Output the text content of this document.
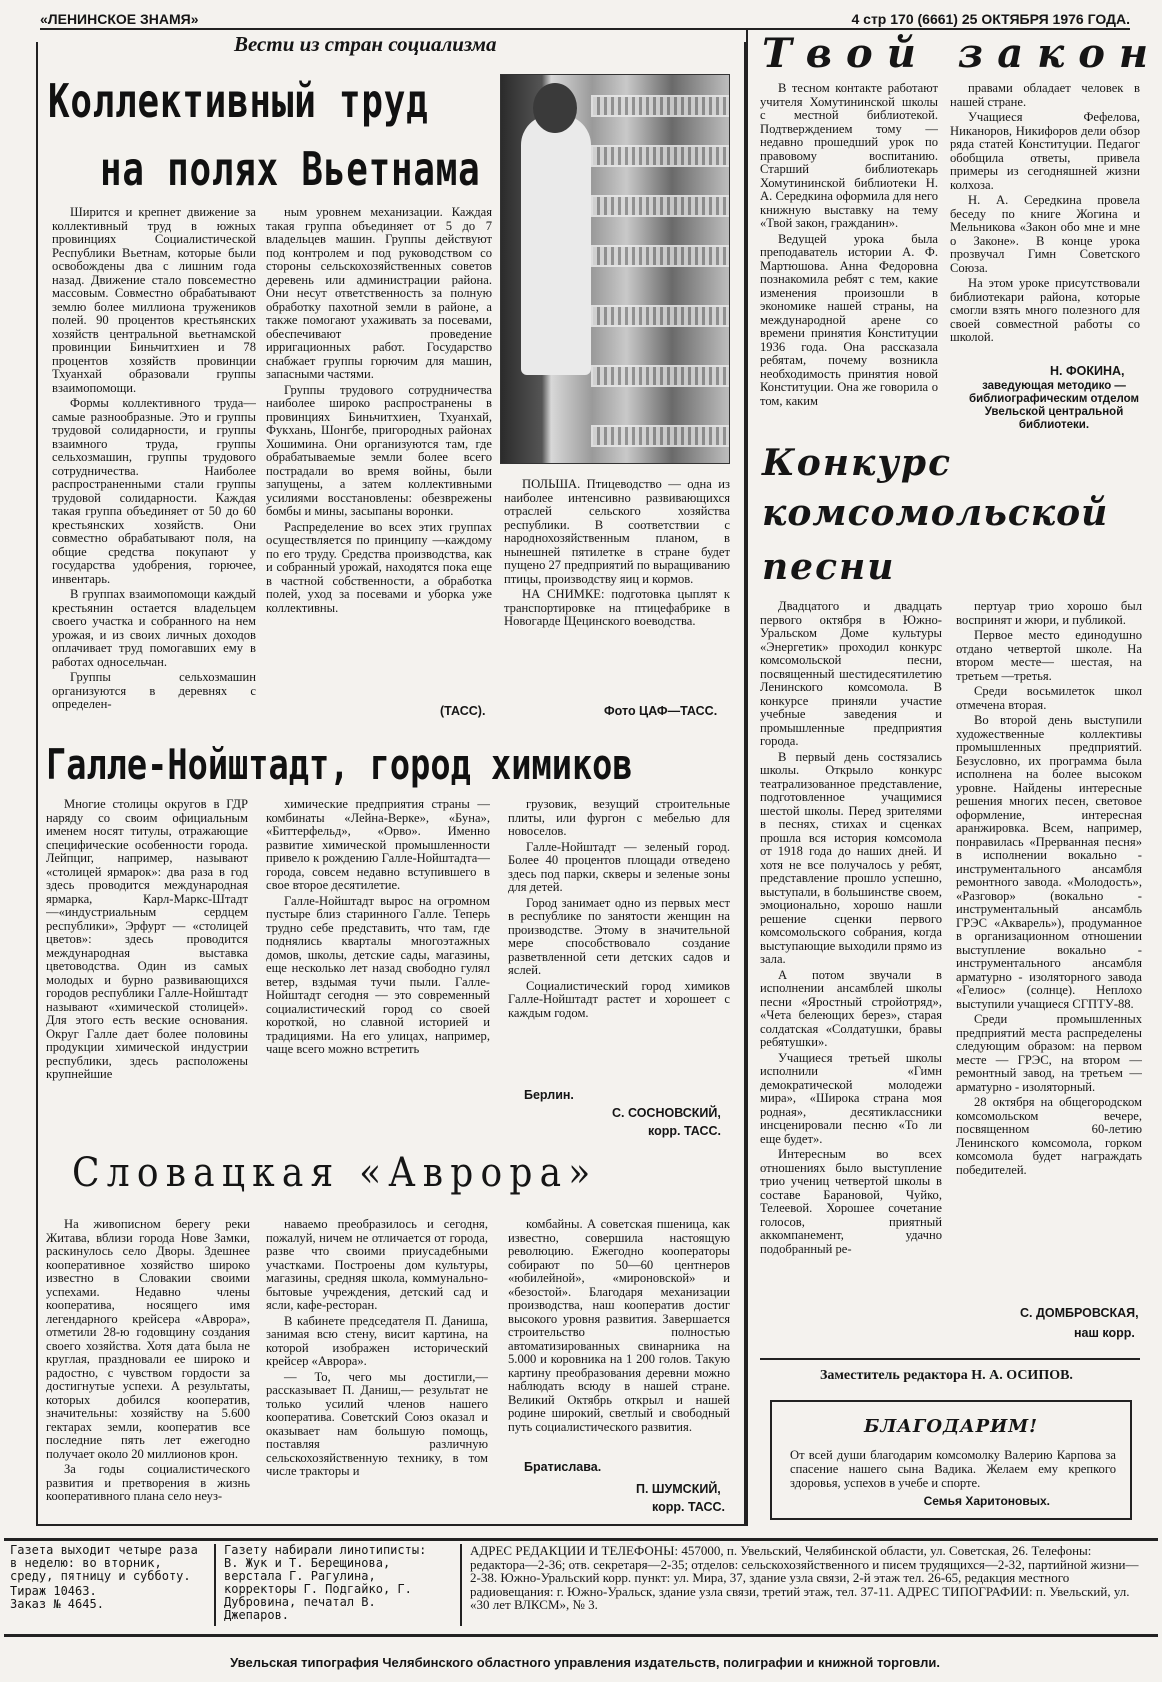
«ЛЕНИНСКОЕ ЗНАМЯ»	4 стр 170 (6661) 25 ОКТЯБРЯ 1976 ГОДА.
Вести из стран социализма
Коллективный труд
на полях Вьетнама

Ширится и крепнет движение за коллективный труд в южных провинциях Социалистической Республики Вьетнам, которые были освобождены два с лишним года назад. Движение стало повсеместно массовым. Совместно обрабатывают землю более миллиона тружеников полей. 90 процентов крестьянских хозяйств центральной вьетнамской провинции Биньчитхиен и 78 процентов хозяйств провинции Тхуанхай образовали группы взаимопомощи.

Формы коллективного труда— самые разнообразные. Это и группы трудовой солидарности, и группы взаимного труда, группы сельхозмашин, группы трудового сотрудничества. Наиболее распространенными стали группы трудовой солидарности. Каждая такая группа объединяет от 50 до 60 крестьянских хозяйств. Они совместно обрабатывают поля, на общие средства покупают у государства удобрения, горючее, инвентарь.

В группах взаимопомощи каждый крестьянин остается владельцем своего участка и собранного на нем урожая, и из своих личных доходов оплачивает труд помогавших ему в работах односельчан.

Группы сельхозмашин организуются в деревнях с определен-

ным уровнем механизации. Каждая такая группа объединяет от 5 до 7 владельцев машин. Группы действуют под контролем и под руководством со стороны сельскохозяйственных советов деревень или администрации района. Они несут ответственность за полную обработку пахотной земли в районе, а также помогают ухаживать за посевами, обеспечивают проведение ирригационных работ. Государство снабжает группы горючим для машин, запасными частями.

Группы трудового сотрудничества наиболее широко распространены в провинциях Биньчитхиен, Тхуанхай, Фукхань, Шонгбе, пригородных районах Хошимина. Они организуются там, где обрабатываемые земли более всего пострадали во время войны, были запущены, а затем коллективными усилиями восстановлены: обезврежены бомбы и мины, засыпаны воронки.

Распределение во всех этих группах осуществляется по принципу —каждому по его труду. Средства производства, как и собранный урожай, находятся пока еще в частной собственности, а обработка полей, уход за посевами и уборка уже коллективны.

(ТАСС).

ПОЛЬША. Птицеводство — одна из наиболее интенсивно развивающихся отраслей сельского хозяйства республики. В соответствии с народнохозяйственным планом, в нынешней пятилетке в стране будет пущено 27 предприятий по выращиванию птицы, производству яиц и кормов.

НА СНИМКЕ: подготовка цыплят к транспортировке на птицефабрике в Новогарде Щецинского воеводства.

Фото ЦАФ—ТАСС.
Галле-Нойштадт, город химиков

Многие столицы округов в ГДР наряду со своим официальным именем носят титулы, отражающие специфические особенности города. Лейпциг, например, называют «столицей ярмарок»: два раза в год здесь проводится международная ярмарка, Карл-Маркс-Штадт —«индустриальным сердцем республики», Эрфурт — «столицей цветов»: здесь проводится международная выставка цветоводства. Один из самых молодых и бурно развивающихся городов республики Галле-Нойштадт называют «химической столицей». Для этого есть веские основания. Округ Галле дает более половины продукции химической индустрии республики, здесь расположены крупнейшие

химические предприятия страны —комбинаты «Лейна-Верке», «Буна», «Биттерфельд», «Орво». Именно развитие химической промышленности привело к рождению Галле-Нойштадта— города, совсем недавно вступившего в свое второе десятилетие.

Галле-Нойштадт вырос на огромном пустыре близ старинного Галле. Теперь трудно себе представить, что там, где поднялись кварталы многоэтажных домов, школы, детские сады, магазины, еще несколько лет назад свободно гулял ветер, вздымая тучи пыли. Галле-Нойштадт сегодня — это современный социалистический город со своей короткой, но славной историей и традициями. На его улицах, например, чаще всего можно встретить

грузовик, везущий строительные плиты, или фургон с мебелью для новоселов.

Галле-Нойштадт — зеленый город. Более 40 процентов площади отведено здесь под парки, скверы и зеленые зоны для детей.

Город занимает одно из первых мест в республике по занятости женщин на производстве. Этому в значительной мере способствовало создание разветвленной сети детских садов и яслей.

Социалистический город химиков Галле-Нойштадт растет и хорошеет с каждым годом.

Берлин.
С. СОСНОВСКИЙ,
корр. ТАСС.
Словацкая «Аврора»

На живописном берегу реки Житава, вблизи города Нове Замки, раскинулось село Дворы. Здешнее кооперативное хозяйство широко известно в Словакии своими успехами. Недавно члены кооператива, носящего имя легендарного крейсера «Аврора», отметили 28-ю годовщину создания своего хозяйства. Хотя дата была не круглая, праздновали ее широко и радостно, с чувством гордости за достигнутые успехи. А результаты, которых добился кооператив, значительны: хозяйству на 5.600 гектарах земли, кооператив все последние пять лет ежегодно получает около 20 миллионов крон.

За годы социалистического развития и претворения в жизнь кооперативного плана село неуз-

наваемо преобразилось и сегодня, пожалуй, ничем не отличается от города, разве что своими приусадебными участками. Построены дом культуры, магазины, средняя школа, коммунально-бытовые учреждения, детский сад и ясли, кафе-ресторан.

В кабинете председателя П. Даниша, занимая всю стену, висит картина, на которой изображен исторический крейсер «Аврора».

— То, чего мы достигли,—рассказывает П. Даниш,— результат не только усилий членов нашего кооператива. Советский Союз оказал и оказывает нам большую помощь, поставляя различную сельскохозяйственную технику, в том числе тракторы и

комбайны. А советская пшеница, как известно, совершила настоящую революцию. Ежегодно кооператоры собирают по 50—60 центнеров «юбилейной», «мироновской» и «безостой». Благодаря механизации производства, наш кооператив достиг высокого уровня развития. Завершается строительство полностью автоматизированных свинарника на 5.000 и коровника на 1 200 голов. Такую картину преобразования деревни можно наблюдать всюду в нашей стране. Великий Октябрь открыл и нашей родине широкий, светлый и свободный путь социалистического развития.

Братислава.
П. ШУМСКИЙ,
корр. ТАСС.
Твой закон

В тесном контакте работают учителя Хомутининской школы с местной библиотекой. Подтверждением тому — недавно прошедший урок по правовому воспитанию. Старший библиотекарь Хомутининской библиотеки Н. А. Середкина оформила для него книжную выставку на тему «Твой закон, гражданин».

Ведущей урока была преподаватель истории А. Ф. Мартюшова. Анна Федоровна познакомила ребят с тем, какие изменения произошли в экономике нашей страны, на международной арене со времени принятия Конституции 1936 года. Она рассказала ребятам, почему возникла необходимость принятия новой Конституции. Она же говорила о том, каким

правами обладает человек в нашей стране.

Учащиеся Фефелова, Никаноров, Никифоров дели обзор ряда статей Конституции. Педагог обобщила ответы, привела примеры из сегодняшней жизни колхоза.

Н. А. Середкина провела беседу по книге Жогина и Мельникова «Закон обо мне и мне о Законе». В конце урока прозвучал Гимн Советского Союза.

На этом уроке присутствовали библиотекари района, которые смогли взять много полезного для своей совместной работы со школой.

Н. ФОКИНА,
заведующая методико — библиографическим отделом Увельской центральной библиотеки.
Конкурс
комсомольской
песни

Двадцатого и двадцать первого октября в Южно-Уральском Доме культуры «Энергетик» проходил конкурс комсомольской песни, посвященный шестидесятилетию Ленинского комсомола. В конкурсе приняли участие учебные заведения и промышленные предприятия города.

В первый день состязались школы. Открыло конкурс театрализованное представление, подготовленное учащимися шестой школы. Перед зрителями в песнях, стихах и сценках прошла вся история комсомола от 1918 года до наших дней. И хотя не все получалось у ребят, представление прошло успешно, выступали, в большинстве своем, эмоционально, хорошо нашли решение сценки первого комсомольского собрания, когда выступающие выходили прямо из зала.

А потом звучали в исполнении ансамблей школы песни «Яростный стройотряд», «Чета белеющих берез», старая солдатская «Солдатушки, бравы ребятушки».

Учащиеся третьей школы исполнили «Гимн демократической молодежи мира», «Широка страна моя родная», десятиклассники инсценировали песню «То ли еще будет».

Интересным во всех отношениях было выступление трио учениц четвертой школы в составе Барановой, Чуйко, Телеевой. Хорошее сочетание голосов, приятный аккомпанемент, удачно подобранный ре-

пертуар трио хорошо был воспринят и жюри, и публикой.

Первое место единодушно отдано четвертой школе. На втором месте— шестая, на третьем —третья.

Среди восьмилеток школ отмечена вторая.

Во второй день выступили художественные коллективы промышленных предприятий. Безусловно, их программа была исполнена на более высоком уровне. Найдены интересные решения многих песен, световое оформление, интересная аранжировка. Всем, например, понравилась «Прерванная песня» в исполнении вокально - инструментального ансамбля ремонтного завода. «Молодость», «Разговор» (вокально - инструментальный ансамбль ГРЭС «Акварель»), продуманное в организационном отношении выступление вокально - инструментального ансамбля арматурно - изоляторного завода «Гелиос» (солнце). Неплохо выступили учащиеся СГПТУ-88.

Среди промышленных предприятий места распределены следующим образом: на первом месте — ГРЭС, на втором — ремонтный завод, на третьем — арматурно - изоляторный.

28 октября на общегородском комсомольском вечере, посвященном 60-летию Ленинского комсомола, горком комсомола будет награждать победителей.

С. ДОМБРОВСКАЯ,
наш корр.
Заместитель редактора Н. А. ОСИПОВ.
БЛАГОДАРИМ!
От всей души благодарим комсомолку Валерию Карпова за спасение нашего сына Вадика. Желаем ему крепкого здоровья, успехов в учебе и спорте.
Семья Харитоновых.
Газета выходит четыре раза в неделю: во вторник, среду, пятницу и субботу.
Тираж 10463.
Заказ № 4645.
Газету набирали линотиписты: В. Жук и Т. Берещинова, верстала Г. Рагулина, корректоры Г. Подгайко, Г. Дубровина, печатал В. Джепаров.
АДРЕС РЕДАКЦИИ И ТЕЛЕФОНЫ: 457000, п. Увельский, Челябинской области, ул. Советская, 26. Телефоны: редактора—2-36; отв. секретаря—2-35; отделов: сельскохозяйственного и писем трудящихся—2-32, партийной жизни—2-38. Южно-Уральский корр. пункт: ул. Мира, 37, здание узла связи, 2-й этаж тел. 26-65, редакция местного радиовещания: г. Южно-Уральск, здание узла связи, третий этаж, тел. 37-11. АДРЕС ТИПОГРАФИИ: п. Увельский, ул. «30 лет ВЛКСМ», № 3.
Увельская типография Челябинского областного управления издательств, полиграфии и книжной торговли.
